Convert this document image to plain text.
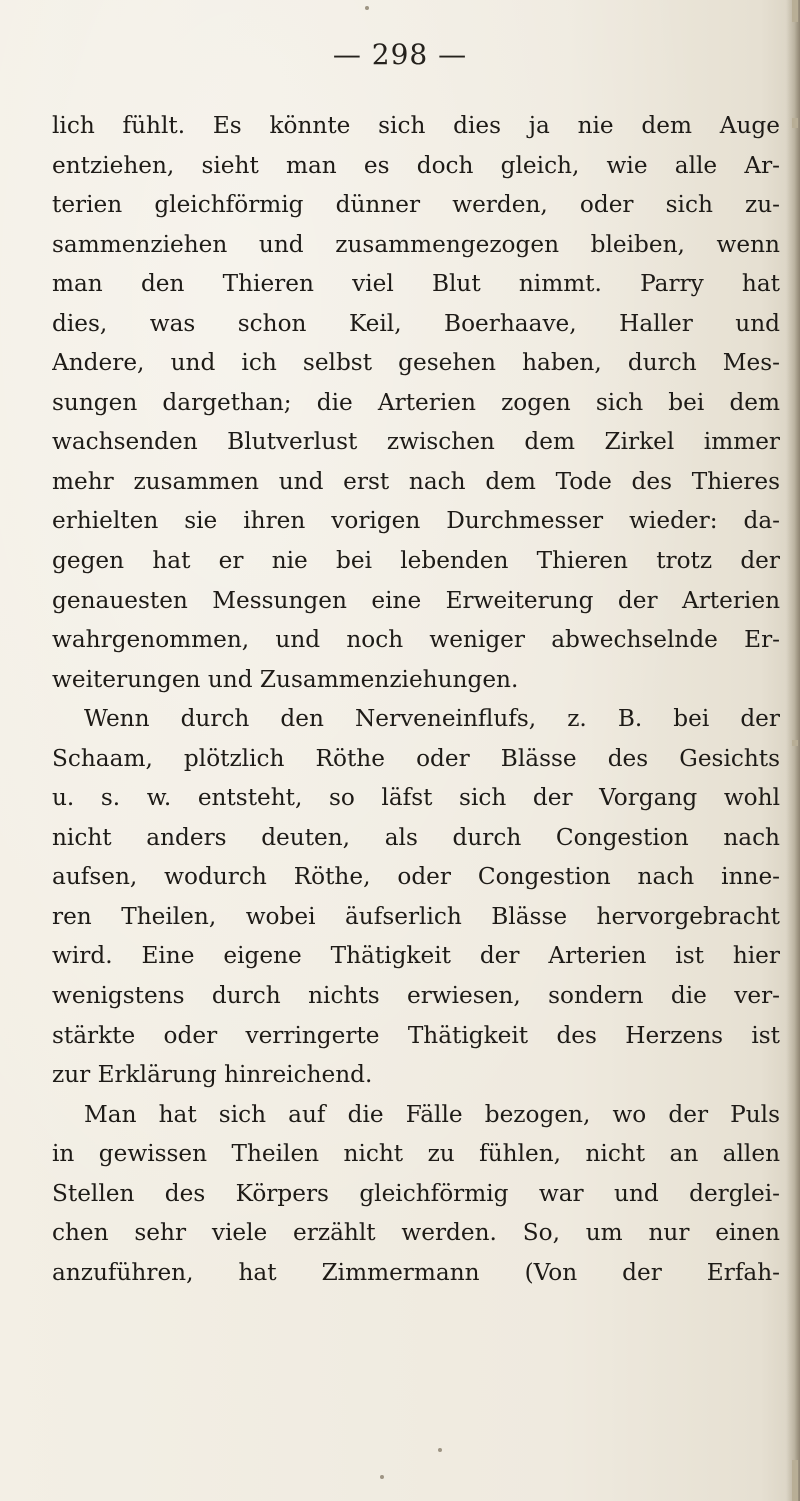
— 298 —
lich fühlt. Es könnte sich dies ja nie dem Auge
entziehen, sieht man es doch gleich, wie alle Ar-
terien gleichförmig dünner werden, oder sich zu-
sammenziehen und zusammengezogen bleiben, wenn
man den Thieren viel Blut nimmt. Parry hat
dies, was schon Keil, Boerhaave, Haller und
Andere, und ich selbst gesehen haben, durch Mes-
sungen dargethan; die Arterien zogen sich bei dem
wachsenden Blutverlust zwischen dem Zirkel immer
mehr zusammen und erst nach dem Tode des Thieres
erhielten sie ihren vorigen Durchmesser wieder: da-
gegen hat er nie bei lebenden Thieren trotz der
genauesten Messungen eine Erweiterung der Arterien
wahrgenommen, und noch weniger abwechselnde Er-
weiterungen und Zusammenziehungen.
Wenn durch den Nerveneinflufs, z. B. bei der
Schaam, plötzlich Röthe oder Blässe des Gesichts
u. s. w. entsteht, so läfst sich der Vorgang wohl
nicht anders deuten, als durch Congestion nach
aufsen, wodurch Röthe, oder Congestion nach inne-
ren Theilen, wobei äufserlich Blässe hervorgebracht
wird. Eine eigene Thätigkeit der Arterien ist hier
wenigstens durch nichts erwiesen, sondern die ver-
stärkte oder verringerte Thätigkeit des Herzens ist
zur Erklärung hinreichend.
Man hat sich auf die Fälle bezogen, wo der Puls
in gewissen Theilen nicht zu fühlen, nicht an allen
Stellen des Körpers gleichförmig war und derglei-
chen sehr viele erzählt werden. So, um nur einen
anzuführen, hat Zimmermann (Von der Erfah-
